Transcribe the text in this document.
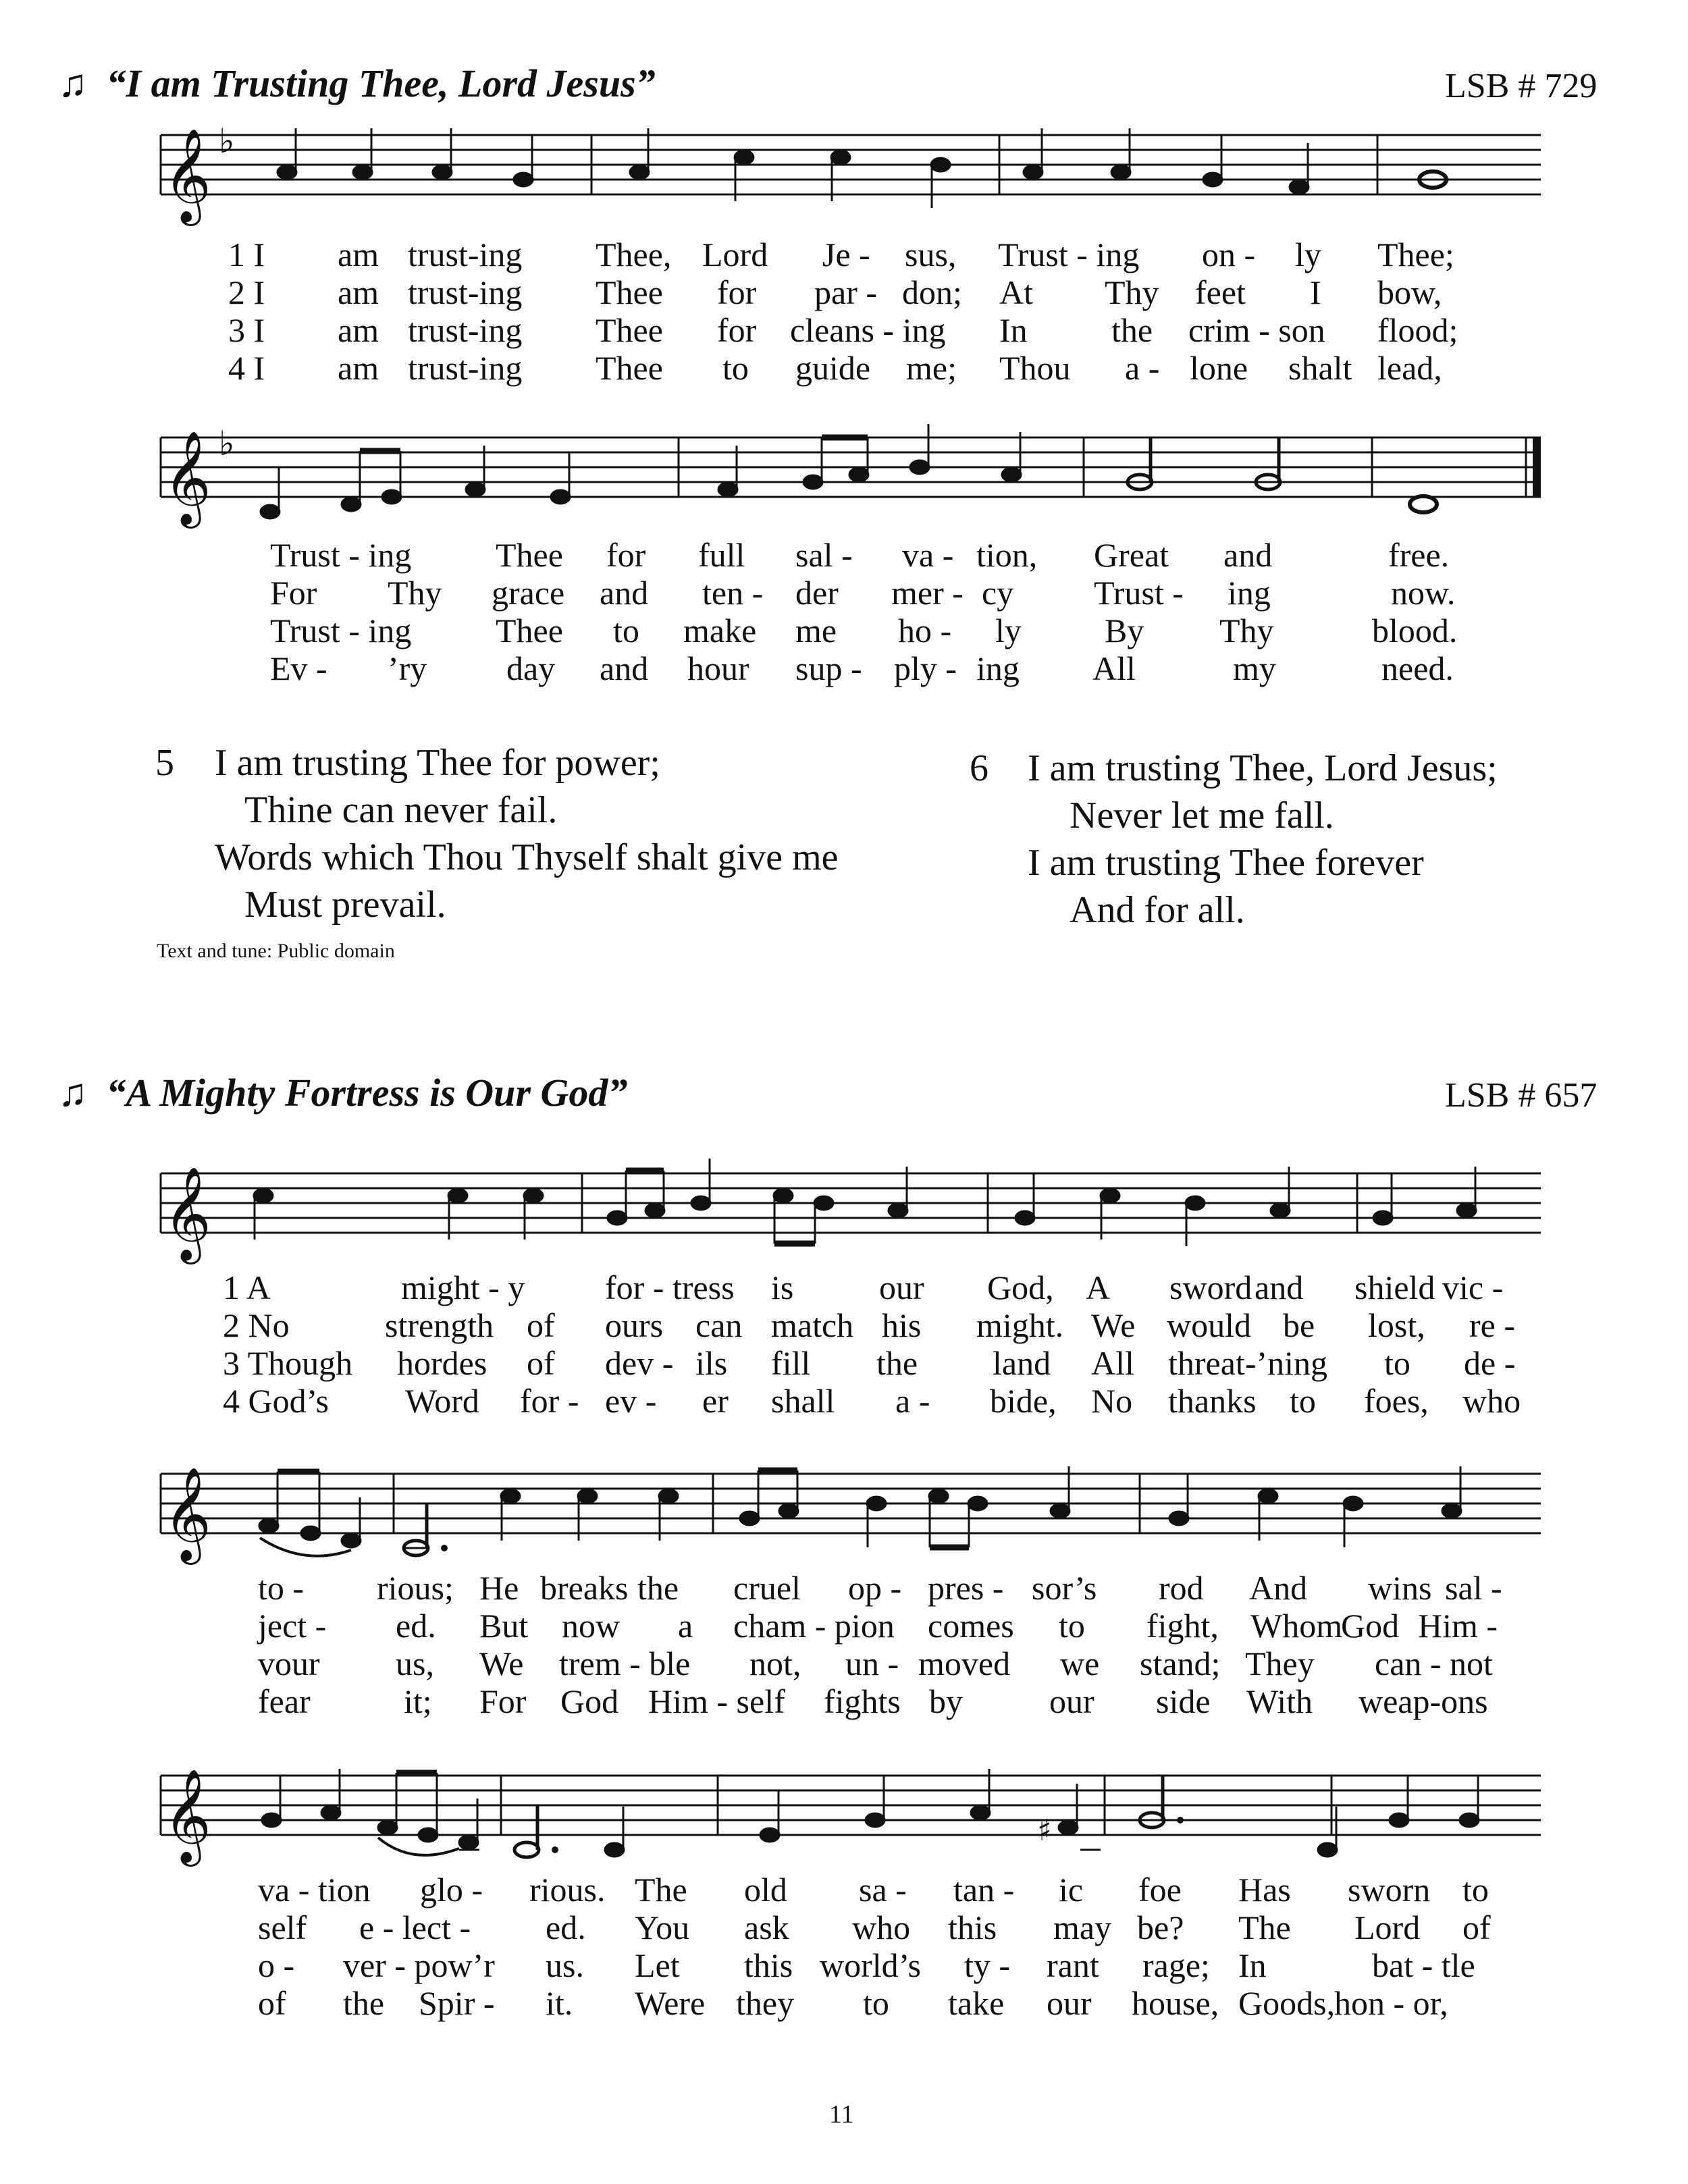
♫ “I am Trusting Thee, Lord Jesus”	LSB # 729
𝄞
𝄞
♭
♭
𝄞
𝄞
𝄞	♯
1 I am trust-ing Thee, Lord Je - sus, Trust - ing on - ly Thee;
2 I am trust-ing Thee for par - don; At Thy feet I bow,
3 I am trust-ing Thee for cleans - ing In the crim - son flood;
4 I am trust-ing Thee to guide me; Thou a - lone shalt lead,
Trust - ing Thee for full sal - va - tion, Great and	free.
For Thy grace and ten - der mer - cy Trust - ing	now.
Trust - ing Thee to make me ho - ly By Thy	blood.
Ev - ’ry day and hour sup - ply - ing All	my	need.
5 I am trusting Thee for power;
Thine can never fail.
Words which Thou Thyself shalt give me
Must prevail.
6 I am trusting Thee, Lord Jesus;
Never let me fall.
I am trusting Thee forever
And for all.
Text and tune: Public domain
♫ “A Mighty Fortress is Our God”	LSB # 657
1 A	might - y for - tress is	our God, A sword and shield vic -
2 No	strength of ours can match his might. We would be lost, re -
3 Though hordes of dev - ils fill the land All threat-’ning to de -
4 God’s Word for - ev - er shall a - bide, No thanks to foes, who
to - rious; He breaks the cruel op - pres - sor’s rod And wins sal -
ject - ed. But now a cham - pion comes to fight, Whom
God Him -
vour us, We trem - ble not, un - moved we stand; They can - not
fear	it; For God Him - self fights by	our side With weap-ons
va - tion glo - rious. The old sa - tan - ic foe Has sworn to
self e - lect - ed. You ask who this may be? The Lord of
o - ver - pow’r us. Let this world’s ty - rant rage; In	bat - tle
of the Spir - it. Were they to take our house, Goods,
hon - or,
11
